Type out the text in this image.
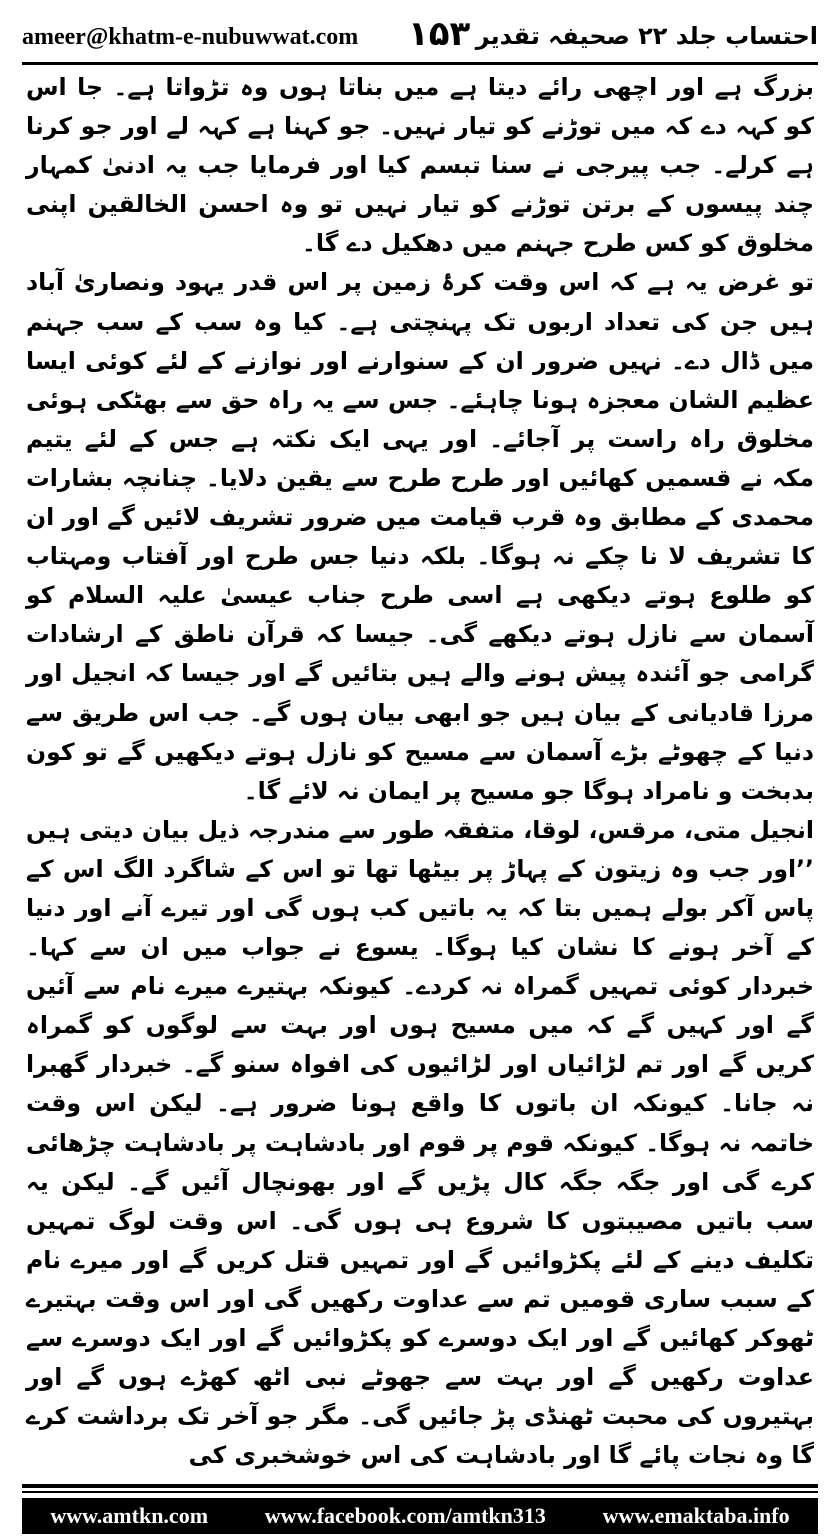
ameer@khatm-e-nubuwwat.com ۱۵۳ احتساب جلد ۲۲ صحیفہ تقدیر

بزرگ ہے اور اچھی رائے دیتا ہے میں بناتا ہوں وہ تڑواتا ہے۔ جا اس کو کہہ دے کہ میں توڑنے کو تیار نہیں۔ جو کہنا ہے کہہ لے اور جو کرنا ہے کرلے۔ جب پیرجی نے سنا تبسم کیا اور فرمایا جب یہ ادنیٰ کمہار چند پیسوں کے برتن توڑنے کو تیار نہیں تو وہ احسن الخالقین اپنی مخلوق کو کس طرح جہنم میں دھکیل دے گا۔

تو غرض یہ ہے کہ اس وقت کرۂ زمین پر اس قدر یہود ونصاریٰ آباد ہیں جن کی تعداد اربوں تک پہنچتی ہے۔ کیا وہ سب کے سب جہنم میں ڈال دے۔ نہیں ضرور ان کے سنوارنے اور نوازنے کے لئے کوئی ایسا عظیم الشان معجزہ ہونا چاہئے۔ جس سے یہ راہ حق سے بھٹکی ہوئی مخلوق راہ راست پر آجائے۔ اور یہی ایک نکتہ ہے جس کے لئے یتیم مکہ نے قسمیں کھائیں اور طرح طرح سے یقین دلایا۔ چنانچہ بشارات محمدی کے مطابق وہ قرب قیامت میں ضرور تشریف لائیں گے اور ان کا تشریف لا نا چکے نہ ہوگا۔ بلکہ دنیا جس طرح اور آفتاب ومہتاب کو طلوع ہوتے دیکھی ہے اسی طرح جناب عیسیٰ علیہ السلام کو آسمان سے نازل ہوتے دیکھے گی۔ جیسا کہ قرآن ناطق کے ارشادات گرامی جو آئندہ پیش ہونے والے ہیں بتائیں گے اور جیسا کہ انجیل اور مرزا قادیانی کے بیان ہیں جو ابھی بیان ہوں گے۔ جب اس طریق سے دنیا کے چھوٹے بڑے آسمان سے مسیح کو نازل ہوتے دیکھیں گے تو کون بدبخت و نامراد ہوگا جو مسیح پر ایمان نہ لائے گا۔

انجیل متی، مرقس، لوقا، متفقہ طور سے مندرجہ ذیل بیان دیتی ہیں ’’اور جب وہ زیتون کے پہاڑ پر بیٹھا تھا تو اس کے شاگرد الگ اس کے پاس آکر بولے ہمیں بتا کہ یہ باتیں کب ہوں گی اور تیرے آنے اور دنیا کے آخر ہونے کا نشان کیا ہوگا۔ یسوع نے جواب میں ان سے کہا۔ خبردار کوئی تمہیں گمراہ نہ کردے۔ کیونکہ بہتیرے میرے نام سے آئیں گے اور کہیں گے کہ میں مسیح ہوں اور بہت سے لوگوں کو گمراہ کریں گے اور تم لڑائیاں اور لڑائیوں کی افواہ سنو گے۔ خبردار گھبرا نہ جانا۔ کیونکہ ان باتوں کا واقع ہونا ضرور ہے۔ لیکن اس وقت خاتمہ نہ ہوگا۔ کیونکہ قوم پر قوم اور بادشاہت پر بادشاہت چڑھائی کرے گی اور جگہ جگہ کال پڑیں گے اور بھونچال آئیں گے۔ لیکن یہ سب باتیں مصیبتوں کا شروع ہی ہوں گی۔ اس وقت لوگ تمہیں تکلیف دینے کے لئے پکڑوائیں گے اور تمہیں قتل کریں گے اور میرے نام کے سبب ساری قومیں تم سے عداوت رکھیں گی اور اس وقت بہتیرے ٹھوکر کھائیں گے اور ایک دوسرے کو پکڑوائیں گے اور ایک دوسرے سے عداوت رکھیں گے اور بہت سے جھوٹے نبی اٹھ کھڑے ہوں گے اور بہتیروں کی محبت ٹھنڈی پڑ جائیں گی۔ مگر جو آخر تک برداشت کرے گا وہ نجات پائے گا اور بادشاہت کی اس خوشخبری کی

www.amtkn.com	www.facebook.com/amtkn313	www.emaktaba.info
